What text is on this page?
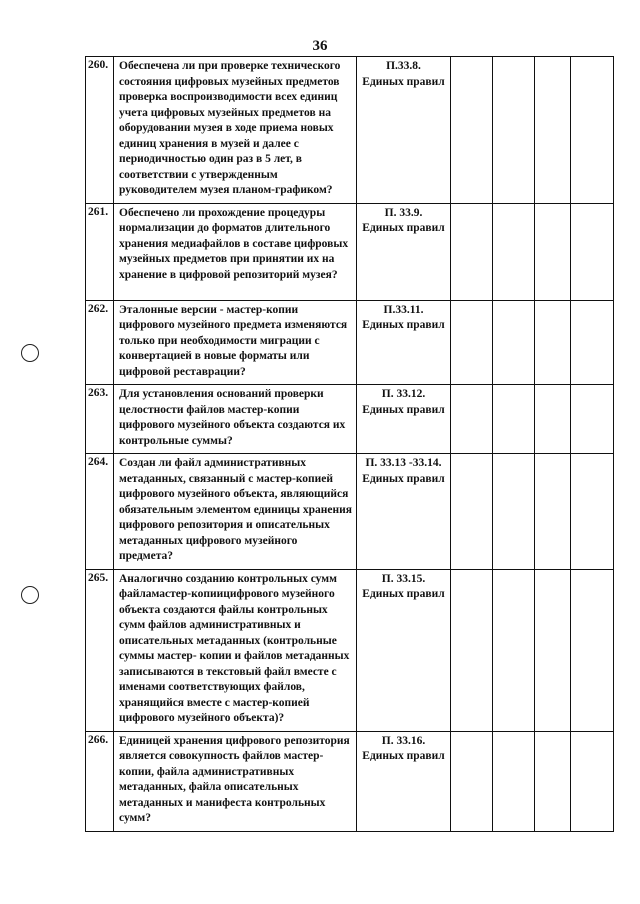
36
260.	Обеспечена ли при проверке технического состояния цифровых музейных предметов проверка воспроизводимости всех единиц учета цифровых музейных предметов на оборудовании музея в ходе приема новых единиц хранения в музей и далее с периодичностью один раз в 5 лет, в соответствии с утвержденным руководителем музея планом-графиком?	П.33.8.
Единых правил				

261.	Обеспечено ли прохождение процедуры нормализации до форматов длительного хранения медиафайлов в составе цифровых музейных предметов при принятии их на хранение в цифровой репозиторий музея?	П. 33.9.
Единых правил				

262.	Эталонные версии - мастер-копии цифрового музейного предмета изменяются только при необходимости миграции с конвертацией в новые форматы или цифровой реставрации?	П.33.11.
Единых правил				

263.	Для установления оснований проверки целостности файлов мастер-копии цифрового музейного объекта создаются их контрольные суммы?	П. 33.12.
Единых правил				

264.	Создан ли файл административных метаданных, связанный с мастер-копией цифрового музейного объекта, являющийся обязательным элементом единицы хранения цифрового репозитория и описательных метаданных цифрового музейного предмета?	П. 33.13 -33.14.
Единых правил				

265.	Аналогично созданию контрольных сумм файламастер-копиицифрового музейного объекта создаются файлы контрольных сумм файлов административных и описательных метаданных (контрольные суммы мастер- копии и файлов метаданных записываются в текстовый файл вместе с именами соответствующих файлов, хранящийся вместе с мастер-копией цифрового музейного объекта)?	П. 33.15.
Единых правил				

266.	Единицей хранения цифрового репозитория является совокупность файлов мастер-копии, файла административных метаданных, файла описательных метаданных и манифеста контрольных сумм?	П. 33.16.
Единых правил				
